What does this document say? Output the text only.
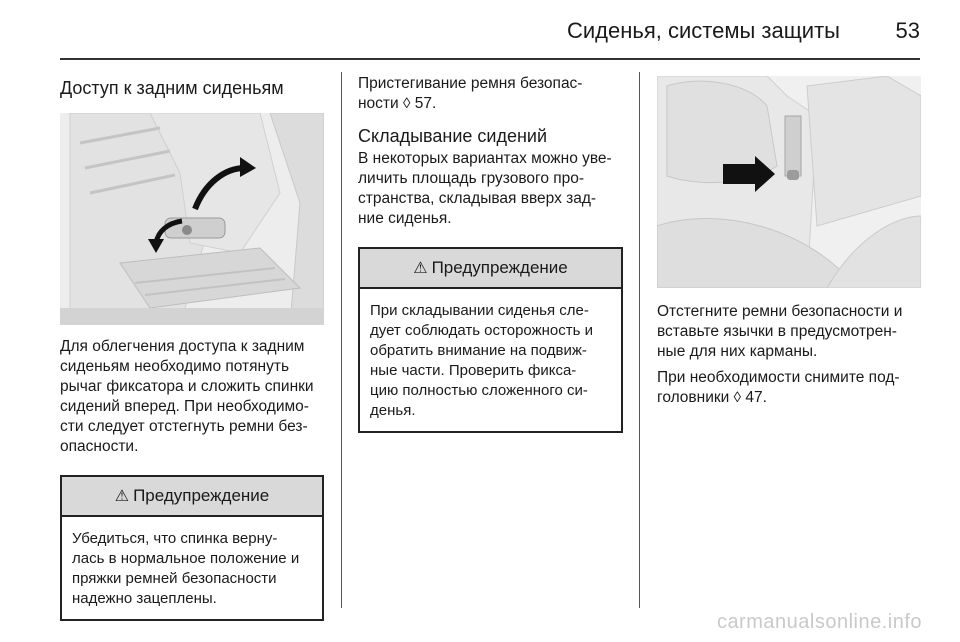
Сиденья, системы защиты	53
Доступ к задним сиденьям

Для облегчения доступа к задним
сиденьям необходимо потянуть
рычаг фиксатора и сложить спинки
сидений вперед. При необходимо-
сти следует отстегнуть ремни без-
опасности.

⚠ Предупреждение

Убедиться, что спинка верну-
лась в нормальное положение и
пряжки ремней безопасности
надежно зацеплены.

Пристегивание ремня безопас-
ности ◊ 57.

Складывание сидений

В некоторых вариантах можно уве-
личить площадь грузового про-
странства, складывая вверх зад-
ние сиденья.

⚠ Предупреждение

При складывании сиденья сле-
дует соблюдать осторожность и
обратить внимание на подвиж-
ные части. Проверить фикса-
цию полностью сложенного си-
денья.

Отстегните ремни безопасности и
вставьте язычки в предусмотрен-
ные для них карманы.

При необходимости снимите под-
головники ◊ 47.

carmanualsonline.info
